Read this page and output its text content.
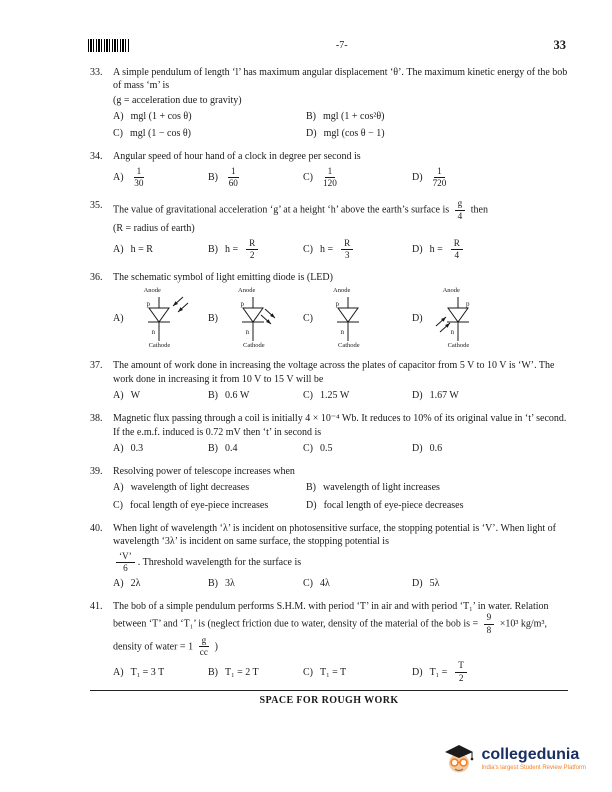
-7-	33
33.	A simple pendulum of length ‘l’ has maximum angular displacement ‘θ’. The maximum kinetic energy of the bob of mass ‘m’ is

(g = acceleration due to gravity)

A) mgl (1 + cos θ)	B) mgl (1 + cos²θ)
C) mgl (1 − cos θ)	D) mgl (cos θ − 1)
34.	Angular speed of hour hand of a clock in degree per second is

$A) \frac{1}{30}$	$B) \frac{1}{60}$	$C) \frac{1}{120}$	$D) \frac{1}{720}$
35.	The value of gravitational acceleration ‘g’ at a height ‘h’ above the earth’s surface is $\frac{g}{4}$ then

(R = radius of earth)

A) h = R	B) $h = \frac{R}{2}$	C) $h = \frac{R}{3}$	D) $h = \frac{R}{4}$
36.	The schematic symbol of light emitting diode is (LED)

A)
Anode
p
n
Cathode
B)
Anode
p
n
Cathode
C)
Anode
p
n
Cathode
D)
Anode
p
n
Cathode
37.	The amount of work done in increasing the voltage across the plates of capacitor from 5 V to 10 V is ‘W’. The work done in increasing it from 10 V to 15 V will be

A) W	B) 0.6 W	C) 1.25 W	D) 1.67 W
38.	Magnetic flux passing through a coil is initially 4 × 10⁻⁴ Wb. It reduces to 10% of its original value in ‘t’ second. If the e.m.f. induced is 0.72 mV then ‘t’ in second is

A) 0.3	B) 0.4	C) 0.5	D) 0.6
39.	Resolving power of telescope increases when

A) wavelength of light decreases	B) wavelength of light increases
C) focal length of eye-piece increases	D) focal length of eye-piece decreases
40.	When light of wavelength ‘λ’ is incident on photosensitive surface, the stopping potential is ‘V’. When light of wavelength ‘3λ’ is incident on same surface, the stopping potential is

$\frac{‘V’}{6}$ . Threshold wavelength for the surface is

A) 2λ	B) 3λ	C) 4λ	D) 5λ
41.	The bob of a simple pendulum performs S.H.M. with period ‘T’ in air and with period ‘T₁’ in water. Relation between ‘T’ and ‘T₁’ is (neglect friction due to water, density of the material of the bob is = $\frac{9}{8} \times 10^3$ kg/m³, density of water = $1 \frac{g}{cc}$ )

A) T₁ = 3 T	B) T₁ = 2 T	C) T₁ = T	D) $T_1 = \frac{T}{2}$
SPACE FOR ROUGH WORK
collegedunia
India's largest Student Review Platform
